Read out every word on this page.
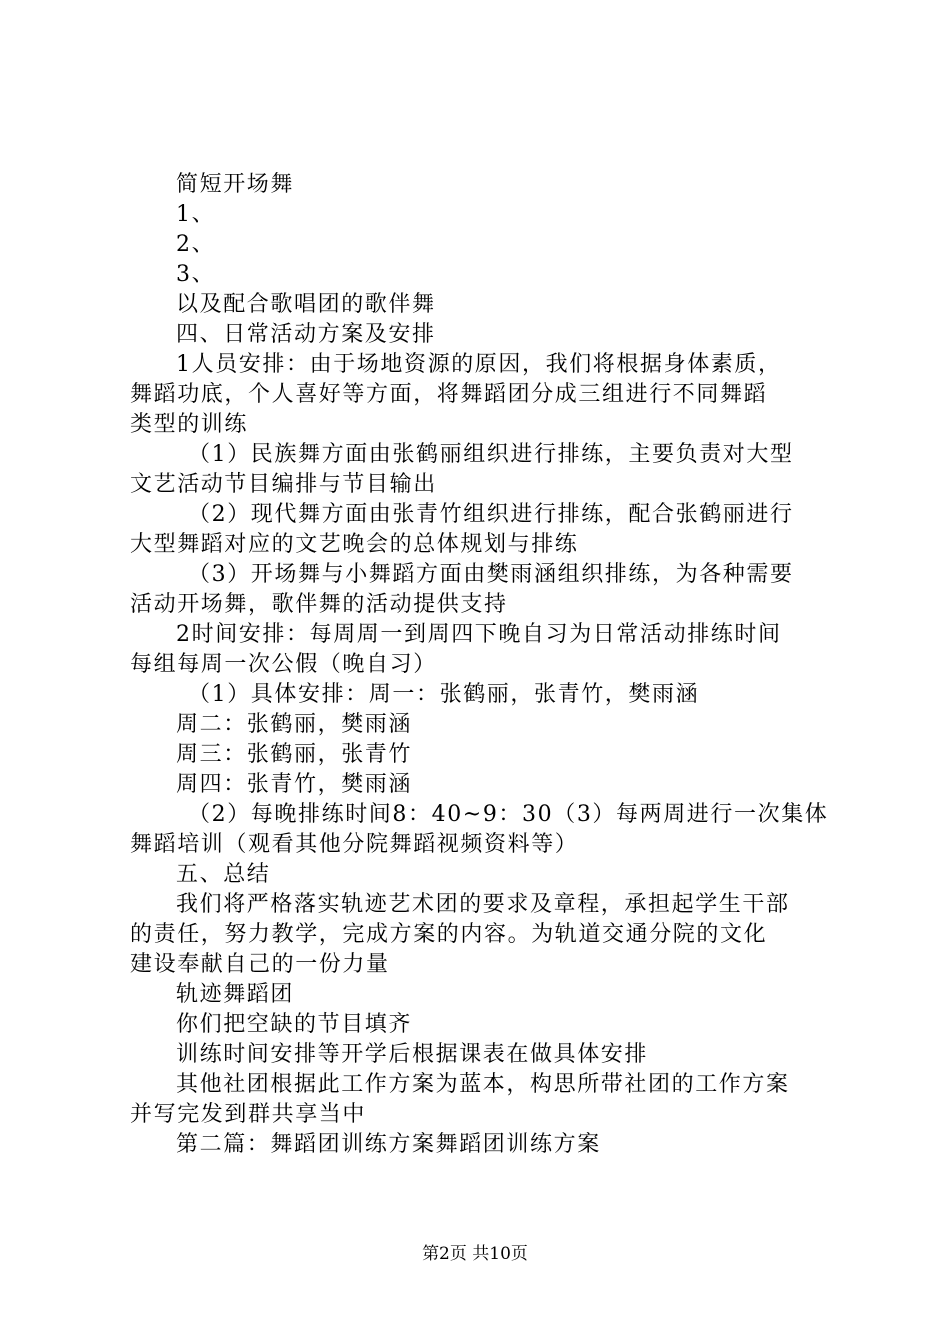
简短开场舞
1、
2、
3、
以及配合歌唱团的歌伴舞
四、日常活动方案及安排
1人员安排：由于场地资源的原因，我们将根据身体素质，
舞蹈功底，个人喜好等方面，将舞蹈团分成三组进行不同舞蹈
类型的训练
（1）民族舞方面由张鹤丽组织进行排练，主要负责对大型
文艺活动节目编排与节目输出
（2）现代舞方面由张青竹组织进行排练，配合张鹤丽进行
大型舞蹈对应的文艺晚会的总体规划与排练
（3）开场舞与小舞蹈方面由樊雨涵组织排练，为各种需要
活动开场舞，歌伴舞的活动提供支持
2时间安排：每周周一到周四下晚自习为日常活动排练时间
每组每周一次公假（晚自习）
（1）具体安排：周一：张鹤丽，张青竹，樊雨涵
周二：张鹤丽，樊雨涵
周三：张鹤丽，张青竹
周四：张青竹，樊雨涵
（2）每晚排练时间8：40~9：30（3）每两周进行一次集体
舞蹈培训（观看其他分院舞蹈视频资料等）
五、总结
我们将严格落实轨迹艺术团的要求及章程，承担起学生干部
的责任，努力教学，完成方案的内容。为轨道交通分院的文化
建设奉献自己的一份力量
轨迹舞蹈团
你们把空缺的节目填齐
训练时间安排等开学后根据课表在做具体安排
其他社团根据此工作方案为蓝本，构思所带社团的工作方案
并写完发到群共享当中
第二篇：舞蹈团训练方案舞蹈团训练方案
第2页 共10页
